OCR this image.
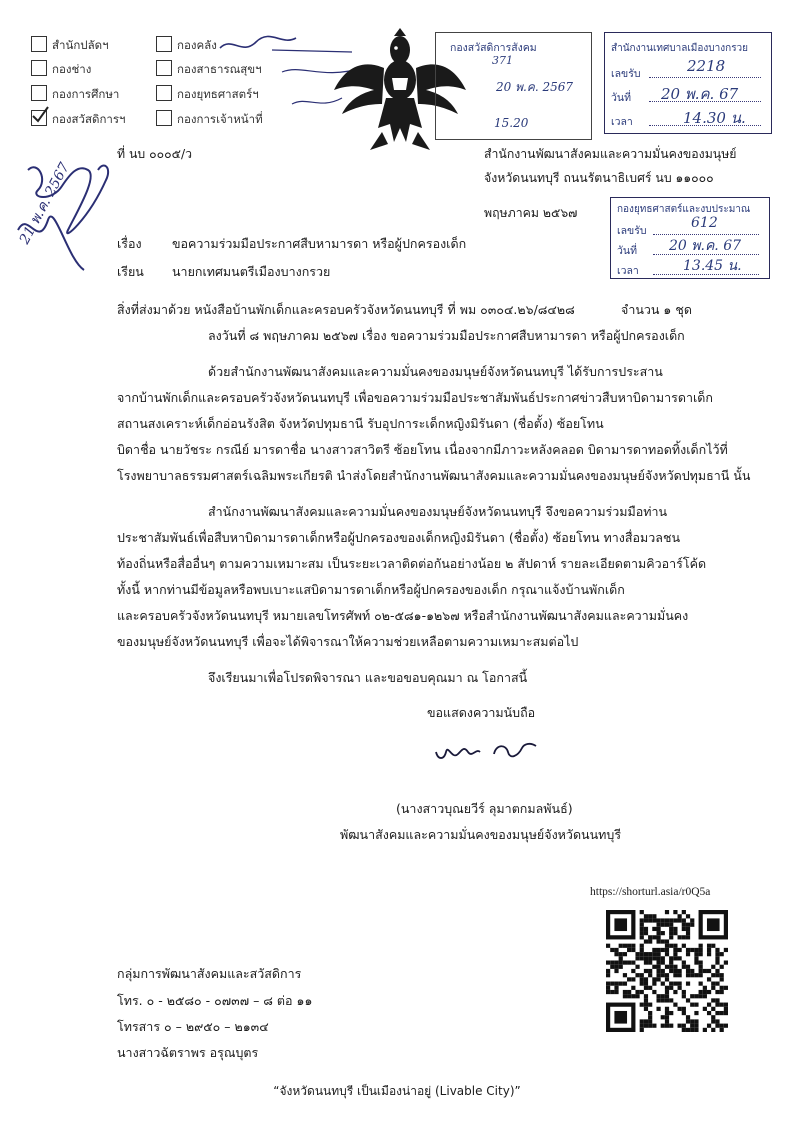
สำนักปลัดฯ
กองช่าง
กองการศึกษา
กองสวัสดิการฯ
กองคลัง
กองสาธารณสุขฯ
กองยุทธศาสตร์ฯ
กองการเจ้าหน้าที่
กองสวัสดิการสังคม
371
20 พ.ค. 2567
15.20
สำนักงานเทศบาลเมืองบางกรวย
เลขรับ	2218
วันที่ 20 พ.ค. 67
เวลา	14.30 น.
21 พ.ค. 2567
ที่ นบ ๐๐๐๕/ว	สำนักงานพัฒนาสังคมและความมั่นคงของมนุษย์
จังหวัดนนทบุรี ถนนรัตนาธิเบศร์ นบ ๑๑๐๐๐
พฤษภาคม ๒๕๖๗	กองยุทธศาสตร์และงบประมาณ
เลขรับ	612
วันที่ 20 พ.ค. 67
เวลา	13.45 น.
เรื่อง ขอความร่วมมือประกาศสืบหามารดา หรือผู้ปกครองเด็ก
เรียน นายกเทศมนตรีเมืองบางกรวย
สิ่งที่ส่งมาด้วย หนังสือบ้านพักเด็กและครอบครัวจังหวัดนนทบุรี ที่ พม ๐๓๐๔.๒๖/๘๔๒๘	จำนวน ๑ ชุด
ลงวันที่ ๘ พฤษภาคม ๒๕๖๗ เรื่อง ขอความร่วมมือประกาศสืบหามารดา หรือผู้ปกครองเด็ก
ด้วยสำนักงานพัฒนาสังคมและความมั่นคงของมนุษย์จังหวัดนนทบุรี ได้รับการประสาน
จากบ้านพักเด็กและครอบครัวจังหวัดนนทบุรี เพื่อขอความร่วมมือประชาสัมพันธ์ประกาศข่าวสืบหาบิดามารดาเด็ก
สถานสงเคราะห์เด็กอ่อนรังสิต จังหวัดปทุมธานี รับอุปการะเด็กหญิงมิรันดา (ชื่อตั้ง) ซ้อยโทน
บิดาชื่อ นายวัชระ กรณีย์ มารดาชื่อ นางสาวสาวิตรี ซ้อยโทน เนื่องจากมีภาวะหลังคลอด บิดามารดาทอดทิ้งเด็กไว้ที่
โรงพยาบาลธรรมศาสตร์เฉลิมพระเกียรติ นำส่งโดยสำนักงานพัฒนาสังคมและความมั่นคงของมนุษย์จังหวัดปทุมธานี นั้น
สำนักงานพัฒนาสังคมและความมั่นคงของมนุษย์จังหวัดนนทบุรี จึงขอความร่วมมือท่าน
ประชาสัมพันธ์เพื่อสืบหาบิดามารดาเด็กหรือผู้ปกครองของเด็กหญิงมิรันดา (ชื่อตั้ง) ซ้อยโทน ทางสื่อมวลชน
ท้องถิ่นหรือสื่ออื่นๆ ตามความเหมาะสม เป็นระยะเวลาติดต่อกันอย่างน้อย ๒ สัปดาห์ รายละเอียดตามคิวอาร์โค้ด
ทั้งนี้ หากท่านมีข้อมูลหรือพบเบาะแสบิดามารดาเด็กหรือผู้ปกครองของเด็ก กรุณาแจ้งบ้านพักเด็ก
และครอบครัวจังหวัดนนทบุรี หมายเลขโทรศัพท์ ๐๒-๕๘๑-๑๒๖๗ หรือสำนักงานพัฒนาสังคมและความมั่นคง
ของมนุษย์จังหวัดนนทบุรี เพื่อจะได้พิจารณาให้ความช่วยเหลือตามความเหมาะสมต่อไป
จึงเรียนมาเพื่อโปรดพิจารณา และขอขอบคุณมา ณ โอกาสนี้
ขอแสดงความนับถือ
(นางสาวบุณยวีร์ ลุมาตกมลพันธ์)
พัฒนาสังคมและความมั่นคงของมนุษย์จังหวัดนนทบุรี
https://shorturl.asia/r0Q5a
กลุ่มการพัฒนาสังคมและสวัสดิการ
โทร. ๐ - ๒๕๘๐ - ๐๗๓๗ – ๘ ต่อ ๑๑
โทรสาร ๐ – ๒๙๕๐ – ๒๑๓๔
นางสาวฉัตราพร อรุณบุตร
“จังหวัดนนทบุรี เป็นเมืองน่าอยู่ (Livable City)”
